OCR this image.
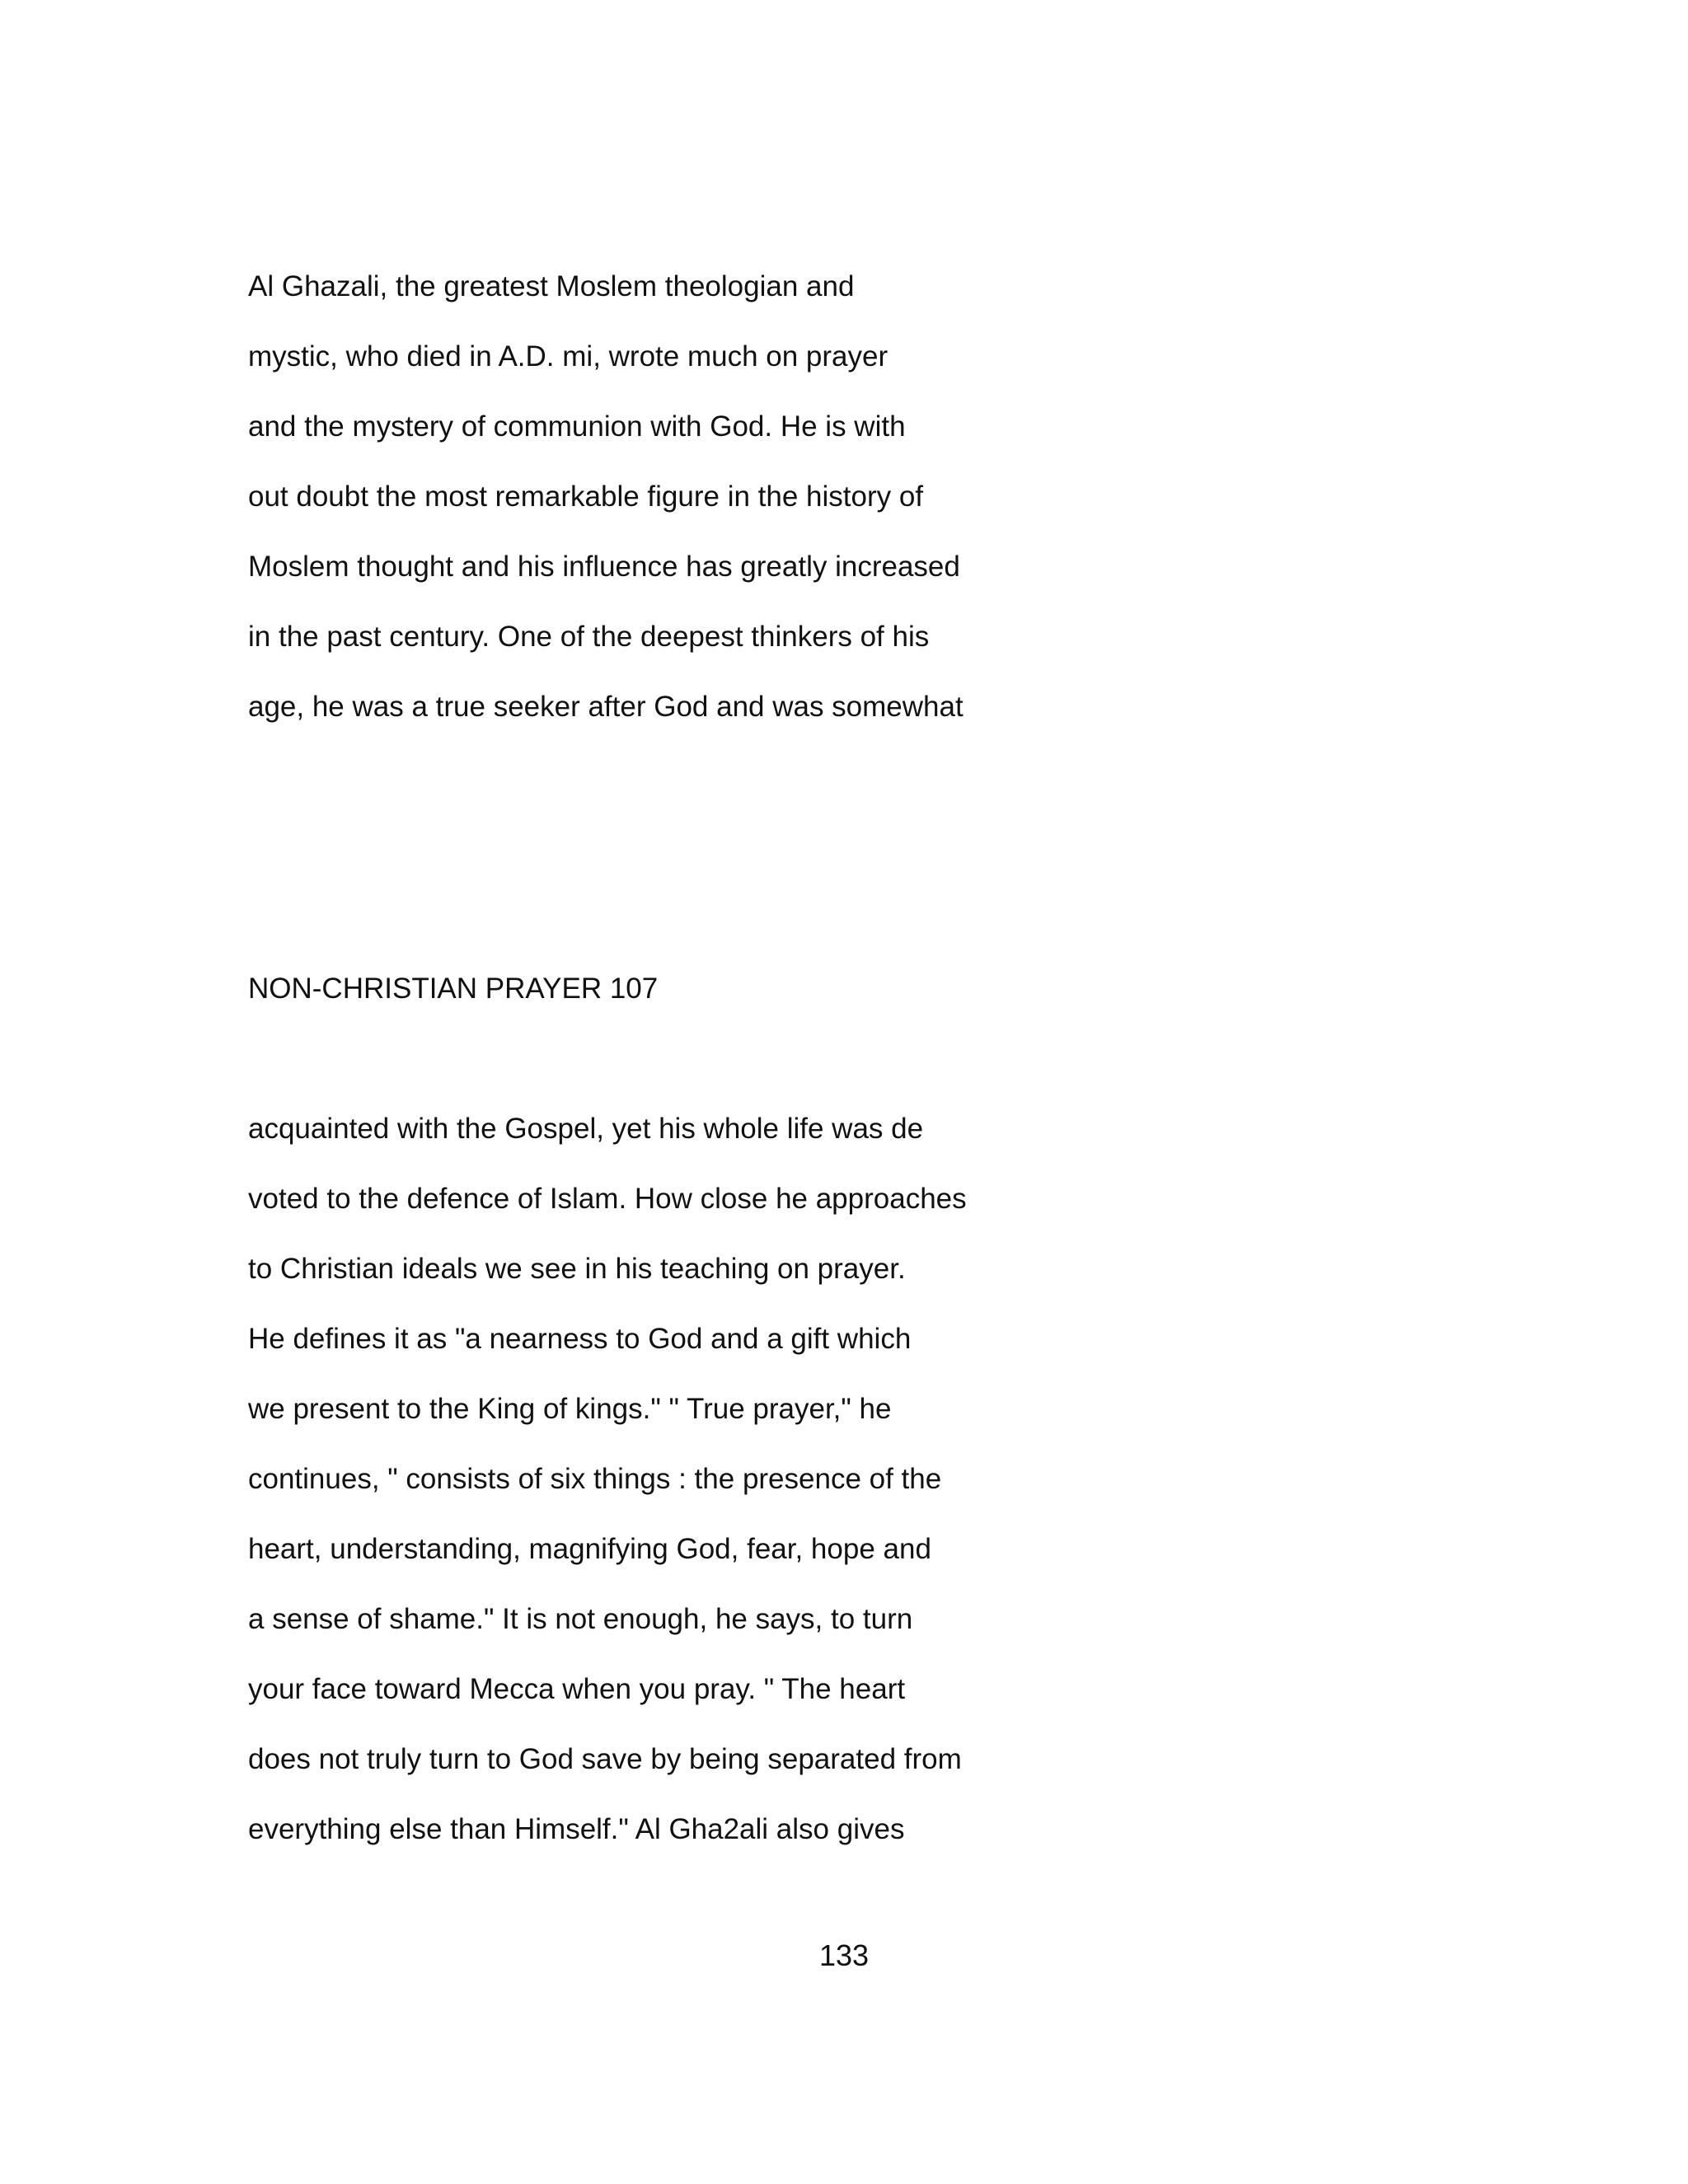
Al Ghazali, the greatest Moslem theologian and
mystic, who died in A.D. mi, wrote much on prayer
and the mystery of communion with God. He is with
out doubt the most remarkable figure in the history of
Moslem thought and his influence has greatly increased
in the past century. One of the deepest thinkers of his
age, he was a true seeker after God and was somewhat
NON-CHRISTIAN PRAYER 107
acquainted with the Gospel, yet his whole life was de
voted to the defence of Islam. How close he approaches
to Christian ideals we see in his teaching on prayer.
He defines it as "a nearness to God and a gift which
we present to the King of kings." " True prayer," he
continues, " consists of six things : the presence of the
heart, understanding, magnifying God, fear, hope and
a sense of shame." It is not enough, he says, to turn
your face toward Mecca when you pray. " The heart
does not truly turn to God save by being separated from
everything else than Himself." Al Gha2ali also gives
133
